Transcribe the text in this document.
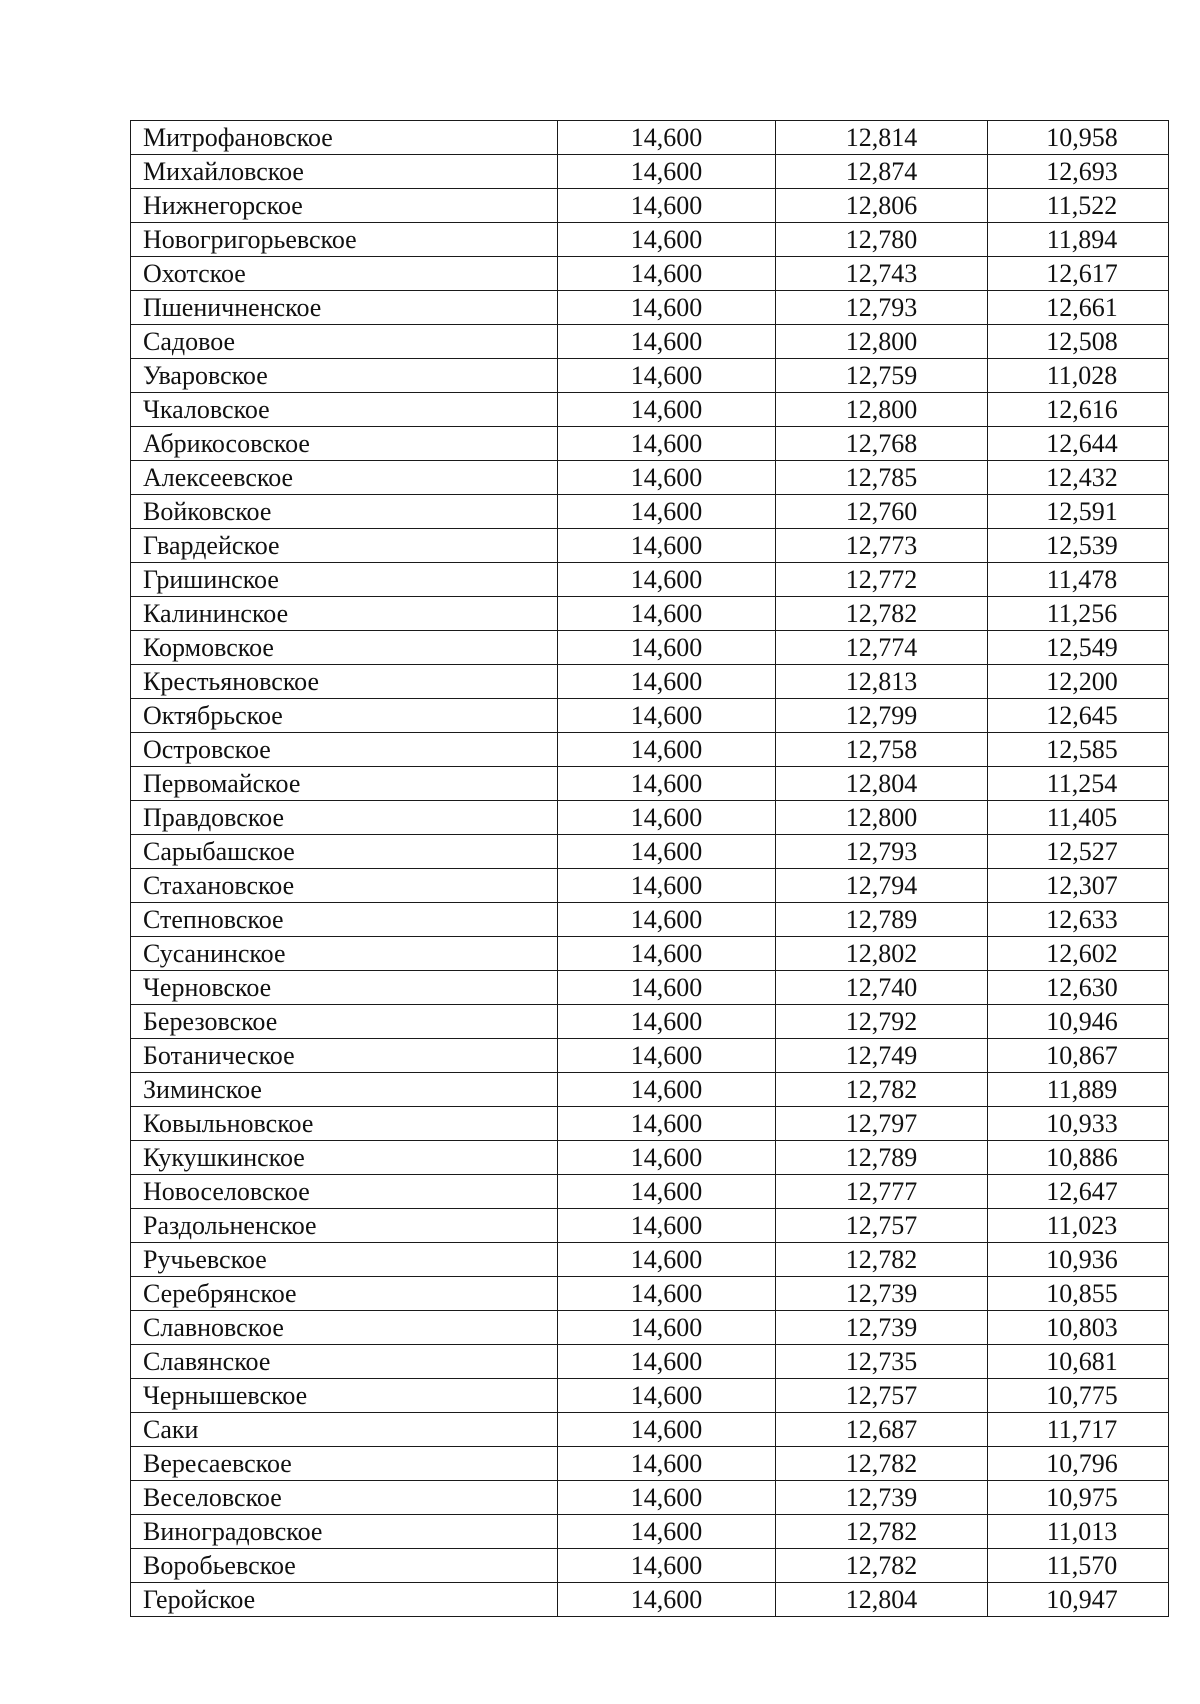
Митрофановское	14,600	12,814	10,958
Михайловское	14,600	12,874	12,693
Нижнегорское	14,600	12,806	11,522
Новогригорьевское	14,600	12,780	11,894
Охотское	14,600	12,743	12,617
Пшеничненское	14,600	12,793	12,661
Садовое	14,600	12,800	12,508
Уваровское	14,600	12,759	11,028
Чкаловское	14,600	12,800	12,616
Абрикосовское	14,600	12,768	12,644
Алексеевское	14,600	12,785	12,432
Войковское	14,600	12,760	12,591
Гвардейское	14,600	12,773	12,539
Гришинское	14,600	12,772	11,478
Калининское	14,600	12,782	11,256
Кормовское	14,600	12,774	12,549
Крестьяновское	14,600	12,813	12,200
Октябрьское	14,600	12,799	12,645
Островское	14,600	12,758	12,585
Первомайское	14,600	12,804	11,254
Правдовское	14,600	12,800	11,405
Сарыбашское	14,600	12,793	12,527
Стахановское	14,600	12,794	12,307
Степновское	14,600	12,789	12,633
Сусанинское	14,600	12,802	12,602
Черновское	14,600	12,740	12,630
Березовское	14,600	12,792	10,946
Ботаническое	14,600	12,749	10,867
Зиминское	14,600	12,782	11,889
Ковыльновское	14,600	12,797	10,933
Кукушкинское	14,600	12,789	10,886
Новоселовское	14,600	12,777	12,647
Раздольненское	14,600	12,757	11,023
Ручьевское	14,600	12,782	10,936
Серебрянское	14,600	12,739	10,855
Славновское	14,600	12,739	10,803
Славянское	14,600	12,735	10,681
Чернышевское	14,600	12,757	10,775
Саки	14,600	12,687	11,717
Вересаевское	14,600	12,782	10,796
Веселовское	14,600	12,739	10,975
Виноградовское	14,600	12,782	11,013
Воробьевское	14,600	12,782	11,570
Геройское	14,600	12,804	10,947
